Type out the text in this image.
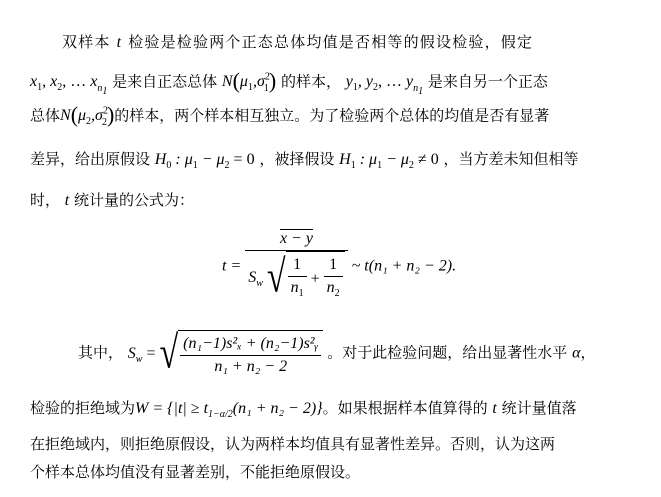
双样本 t 检验是检验两个正态总体均值是否相等的假设检验，假定
$x_1$, $x_2$, … $x_{n_1}$ 是来自正态总体 $N(\mu_1,\sigma^2_1)$ 的样本， $y_1$, $y_2$, … $y_{n_1}$ 是来自另一个正态
总体$N(\mu_2,\sigma^2_2)$的样本，两个样本相互独立。为了检验两个总体的均值是否有显著
差异，给出原假设 $H_0$ : $\mu_1 - \mu_2 = 0$ ，被择假设 $H_1$ : $\mu_1 - \mu_2 \ne 0$ ，当方差未知但相等
时， t 统计量的公式为：
$t = \frac{x - y}{S_w √ \frac{1}{n_1} + \frac{1}{n_2}}$ ~ t(n₁ + n₂ − 2).
其中， $S_w$ = √ $\frac{\text{(n₁−1)s²ₓ + (n₂−1)s²ᵧ}}{\text{n₁ + n₂ − 2}}$ 。对于此检验问题，给出显著性水平 α，
检验的拒绝域为$W = \{|t| \ge t_{1-\alpha/2}(n_1 + n_2 - 2)\}$。如果根据样本值算得的 t 统计量值落
在拒绝域内，则拒绝原假设，认为两样本均值具有显著性差异。否则，认为这两
个样本总体均值没有显著差别，不能拒绝原假设。
